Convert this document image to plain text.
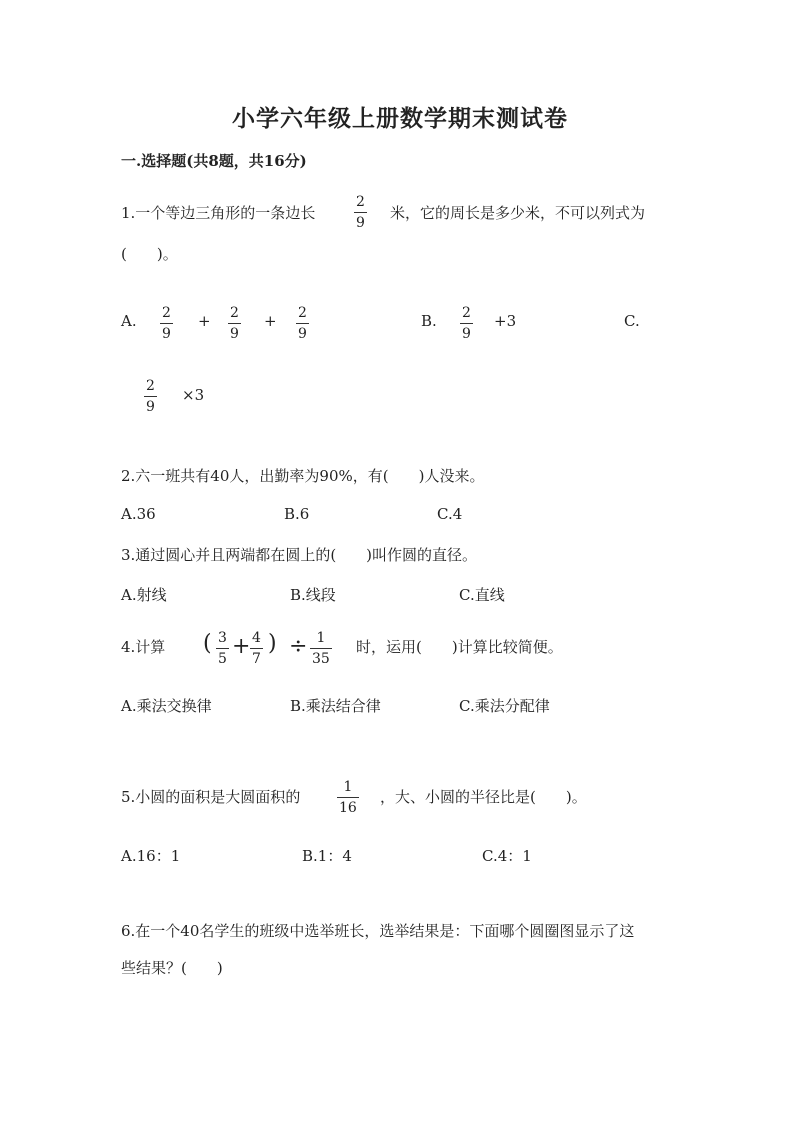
小学六年级上册数学期末测试卷
一.选择题(共8题，共16分)
1.一个等边三角形的一条边长
2
9
米，它的周长是多少米，不可以列式为
(　　)。
A. 2
9
+ 2
9
+ 2
9
B. 2
9
+3	C.
2
9
×3
2.六一班共有40人，出勤率为90%，有(　　)人没来。
A.36	B.6	C.4
3.通过圆心并且两端都在圆上的(　　)叫作圆的直径。
A.射线	B.线段	C.直线
4.计算 ( 3
5 + 4
7
) ÷ 1
35
时，运用(　　)计算比较简便。
A.乘法交换律	B.乘法结合律	C.乘法分配律
5.小圆的面积是大圆面积的
1
16
，大、小圆的半径比是(　　)。
A.16：1	B.1：4	C.4：1
6.在一个40名学生的班级中选举班长，选举结果是：下面哪个圆圈图显示了这
些结果？(　　)
